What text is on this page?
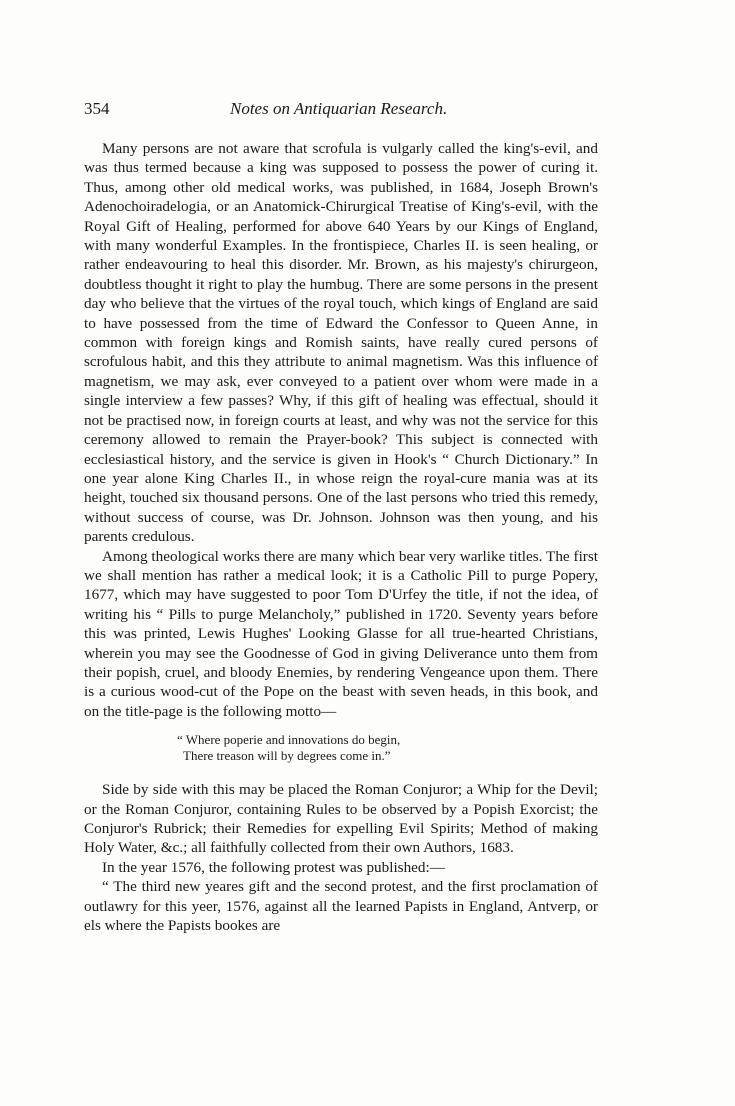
354	Notes on Antiquarian Research.

Many persons are not aware that scrofula is vulgarly called the king's-evil, and was thus termed because a king was supposed to possess the power of curing it. Thus, among other old medical works, was published, in 1684, Joseph Brown's Adenochoiradelogia, or an Anatomick-Chirurgical Treatise of King's-evil, with the Royal Gift of Healing, performed for above 640 Years by our Kings of England, with many wonderful Examples. In the frontispiece, Charles II. is seen healing, or rather endeavouring to heal this disorder. Mr. Brown, as his majesty's chirurgeon, doubtless thought it right to play the humbug. There are some persons in the present day who believe that the virtues of the royal touch, which kings of England are said to have possessed from the time of Edward the Confessor to Queen Anne, in common with foreign kings and Romish saints, have really cured persons of scrofulous habit, and this they attribute to animal magnetism. Was this influence of magnetism, we may ask, ever conveyed to a patient over whom were made in a single interview a few passes? Why, if this gift of healing was effectual, should it not be practised now, in foreign courts at least, and why was not the service for this ceremony allowed to remain the Prayer-book? This subject is connected with ecclesiastical history, and the service is given in Hook's “ Church Dictionary.” In one year alone King Charles II., in whose reign the royal-cure mania was at its height, touched six thousand persons. One of the last persons who tried this remedy, without success of course, was Dr. Johnson. Johnson was then young, and his parents credulous.

Among theological works there are many which bear very warlike titles. The first we shall mention has rather a medical look; it is a Catholic Pill to purge Popery, 1677, which may have suggested to poor Tom D'Urfey the title, if not the idea, of writing his “ Pills to purge Melancholy,” published in 1720. Seventy years before this was printed, Lewis Hughes' Looking Glasse for all true-hearted Christians, wherein you may see the Goodnesse of God in giving Deliverance unto them from their popish, cruel, and bloody Enemies, by rendering Vengeance upon them. There is a curious wood-cut of the Pope on the beast with seven heads, in this book, and on the title-page is the following motto—

“ Where poperie and innovations do begin,
There treason will by degrees come in.”

Side by side with this may be placed the Roman Conjuror; a Whip for the Devil; or the Roman Conjuror, containing Rules to be observed by a Popish Exorcist; the Conjuror's Rubrick; their Remedies for expelling Evil Spirits; Method of making Holy Water, &c.; all faithfully collected from their own Authors, 1683.

In the year 1576, the following protest was published:—

“ The third new yeares gift and the second protest, and the first proclamation of outlawry for this yeer, 1576, against all the learned Papists in England, Antverp, or els where the Papists bookes are
